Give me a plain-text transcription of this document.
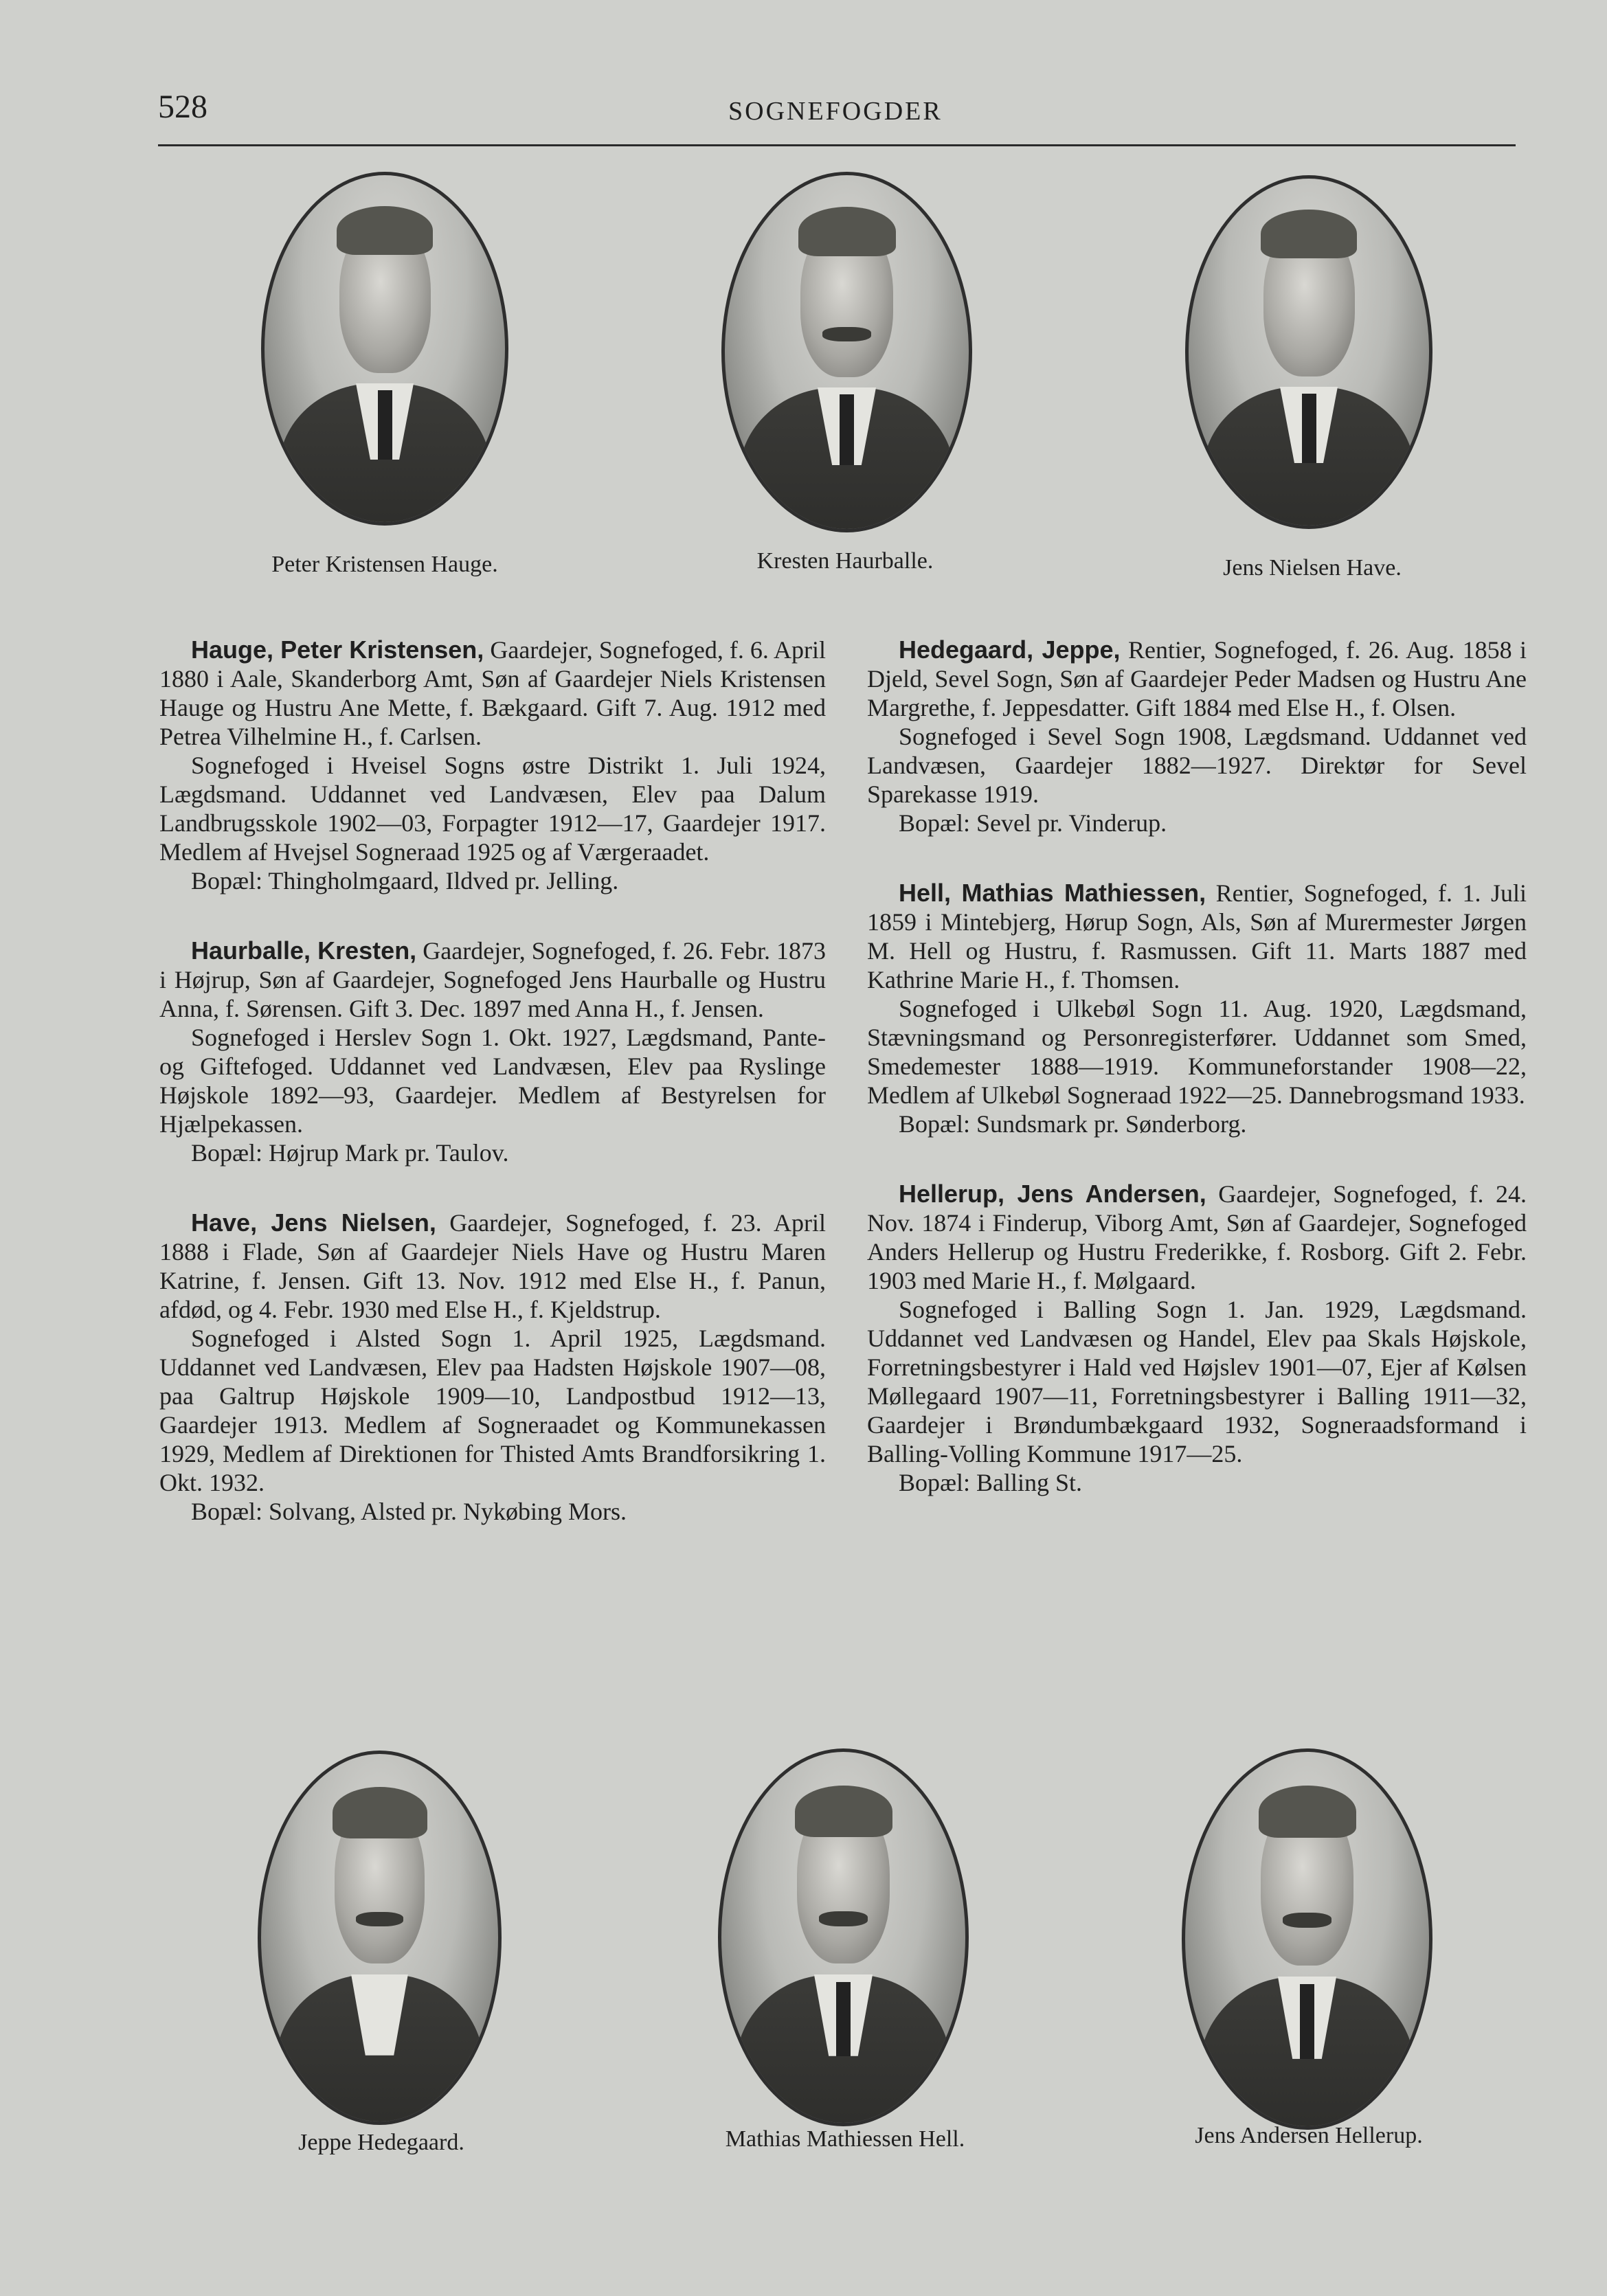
528	SOGNEFOGDER
Peter Kristensen Hauge.	Kresten Haurballe.	Jens Nielsen Have.

Hauge, Peter Kristensen, Gaardejer, Sognefoged, f. 6. April 1880 i Aale, Skanderborg Amt, Søn af Gaardejer Niels Kristensen Hauge og Hustru Ane Mette, f. Bækgaard. Gift 7. Aug. 1912 med Petrea Vilhelmine H., f. Carlsen.

Sognefoged i Hveisel Sogns østre Distrikt 1. Juli 1924, Lægdsmand. Uddannet ved Landvæsen, Elev paa Dalum Landbrugsskole 1902—03, Forpagter 1912—17, Gaardejer 1917. Medlem af Hvejsel Sogneraad 1925 og af Værgeraadet.

Bopæl: Thingholmgaard, Ildved pr. Jelling.

Haurballe, Kresten, Gaardejer, Sognefoged, f. 26. Febr. 1873 i Højrup, Søn af Gaardejer, Sognefoged Jens Haurballe og Hustru Anna, f. Sørensen. Gift 3. Dec. 1897 med Anna H., f. Jensen.

Sognefoged i Herslev Sogn 1. Okt. 1927, Lægdsmand, Pante- og Giftefoged. Uddannet ved Landvæsen, Elev paa Ryslinge Højskole 1892—93, Gaardejer. Medlem af Bestyrelsen for Hjælpekassen.

Bopæl: Højrup Mark pr. Taulov.

Have, Jens Nielsen, Gaardejer, Sognefoged, f. 23. April 1888 i Flade, Søn af Gaardejer Niels Have og Hustru Maren Katrine, f. Jensen. Gift 13. Nov. 1912 med Else H., f. Panun, afdød, og 4. Febr. 1930 med Else H., f. Kjeldstrup.

Sognefoged i Alsted Sogn 1. April 1925, Lægdsmand. Uddannet ved Landvæsen, Elev paa Hadsten Højskole 1907—08, paa Galtrup Højskole 1909—10, Landpostbud 1912—13, Gaardejer 1913. Medlem af Sogneraadet og Kommunekassen 1929, Medlem af Direktionen for Thisted Amts Brandforsikring 1. Okt. 1932.

Bopæl: Solvang, Alsted pr. Nykøbing Mors.

Hedegaard, Jeppe, Rentier, Sognefoged, f. 26. Aug. 1858 i Djeld, Sevel Sogn, Søn af Gaardejer Peder Madsen og Hustru Ane Margrethe, f. Jeppesdatter. Gift 1884 med Else H., f. Olsen.

Sognefoged i Sevel Sogn 1908, Lægdsmand. Uddannet ved Landvæsen, Gaardejer 1882—1927. Direktør for Sevel Sparekasse 1919.

Bopæl: Sevel pr. Vinderup.

Hell, Mathias Mathiessen, Rentier, Sognefoged, f. 1. Juli 1859 i Mintebjerg, Hørup Sogn, Als, Søn af Murermester Jørgen M. Hell og Hustru, f. Rasmussen. Gift 11. Marts 1887 med Kathrine Marie H., f. Thomsen.

Sognefoged i Ulkebøl Sogn 11. Aug. 1920, Lægdsmand, Stævningsmand og Personregisterfører. Uddannet som Smed, Smedemester 1888—1919. Kommuneforstander 1908—22, Medlem af Ulkebøl Sogneraad 1922—25. Dannebrogsmand 1933.

Bopæl: Sundsmark pr. Sønderborg.

Hellerup, Jens Andersen, Gaardejer, Sognefoged, f. 24. Nov. 1874 i Finderup, Viborg Amt, Søn af Gaardejer, Sognefoged Anders Hellerup og Hustru Frederikke, f. Rosborg. Gift 2. Febr. 1903 med Marie H., f. Mølgaard.

Sognefoged i Balling Sogn 1. Jan. 1929, Lægdsmand. Uddannet ved Landvæsen og Handel, Elev paa Skals Højskole, Forretningsbestyrer i Hald ved Højslev 1901—07, Ejer af Kølsen Møllegaard 1907—11, Forretningsbestyrer i Balling 1911—32, Gaardejer i Brøndumbækgaard 1932, Sogneraadsformand i Balling-Volling Kommune 1917—25.

Bopæl: Balling St.

Jeppe Hedegaard.	Mathias Mathiessen Hell.	Jens Andersen Hellerup.
